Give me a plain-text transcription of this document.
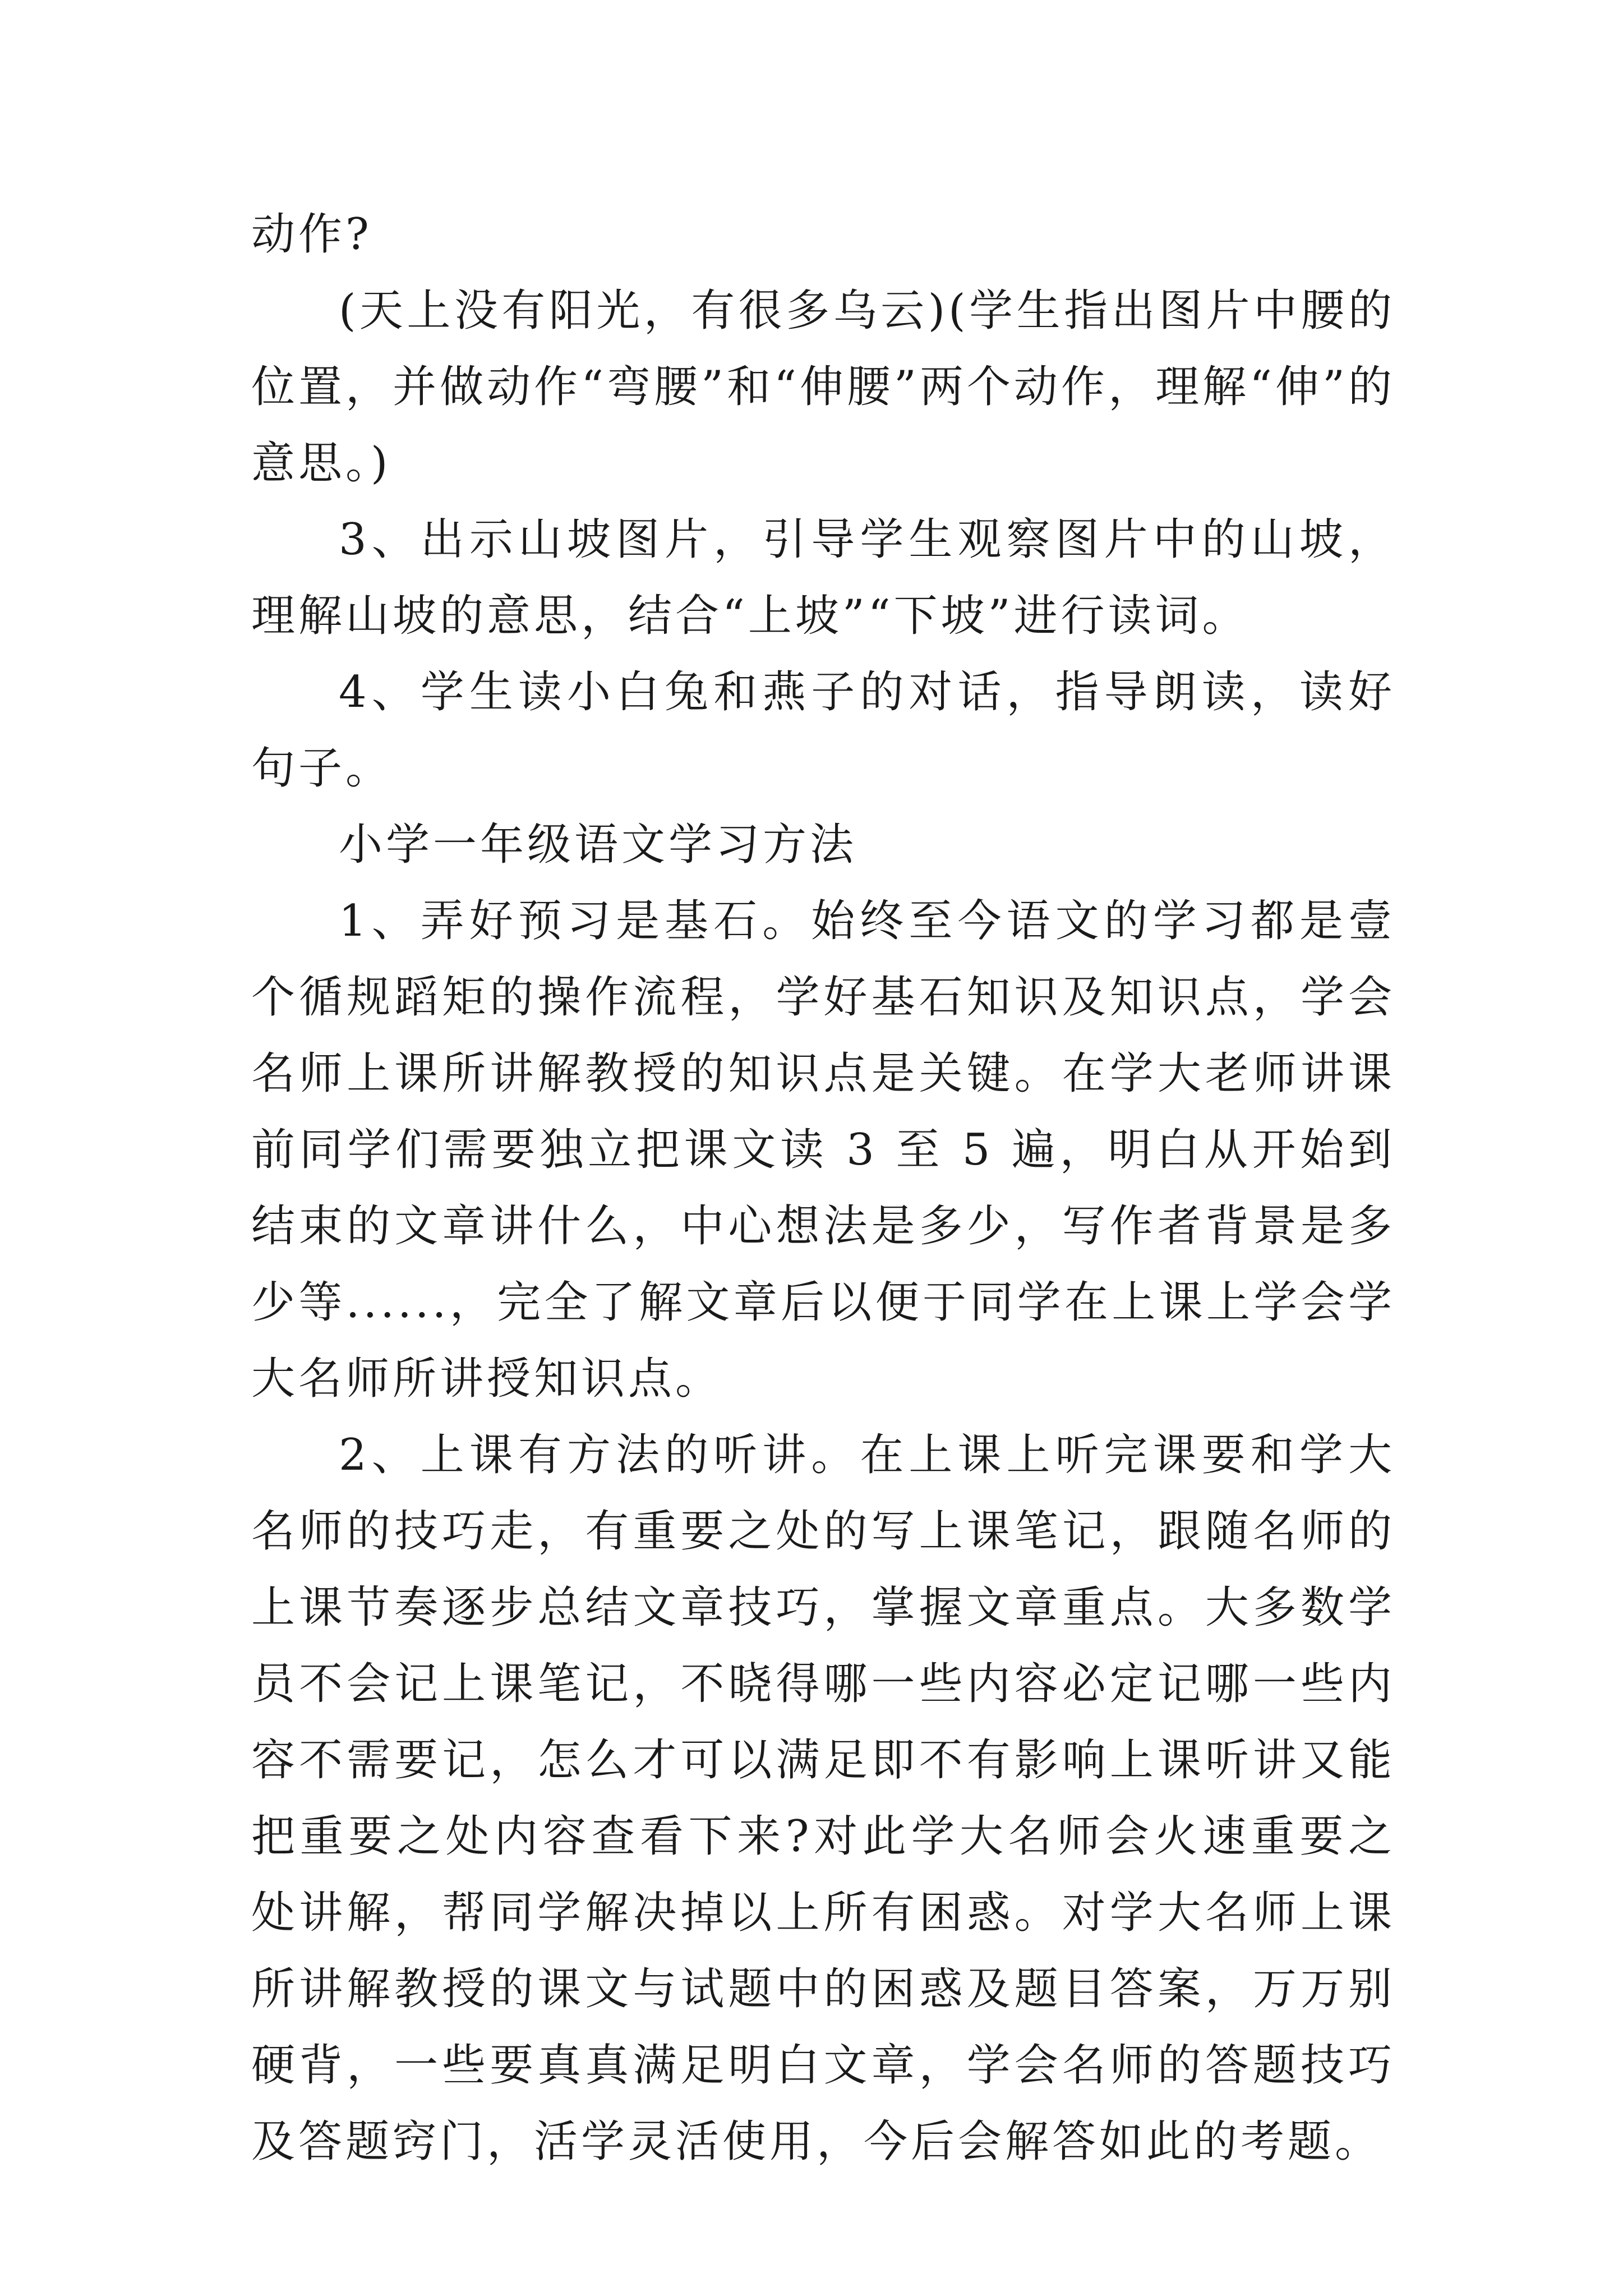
动作?

(天上没有阳光，有很多乌云)(学生指出图片中腰的位置，并做动作“弯腰”和“伸腰”两个动作，理解“伸”的意思。)

3、出示山坡图片，引导学生观察图片中的山坡，理解山坡的意思，结合“上坡”“下坡”进行读词。

4、学生读小白兔和燕子的对话，指导朗读，读好句子。

小学一年级语文学习方法

1、弄好预习是基石。始终至今语文的学习都是壹个循规蹈矩的操作流程，学好基石知识及知识点，学会名师上课所讲解教授的知识点是关键。在学大老师讲课前同学们需要独立把课文读 3 至 5 遍，明白从开始到结束的文章讲什么，中心想法是多少，写作者背景是多少等......，完全了解文章后以便于同学在上课上学会学大名师所讲授知识点。

2、上课有方法的听讲。在上课上听完课要和学大名师的技巧走，有重要之处的写上课笔记，跟随名师的上课节奏逐步总结文章技巧，掌握文章重点。大多数学员不会记上课笔记，不晓得哪一些内容必定记哪一些内容不需要记，怎么才可以满足即不有影响上课听讲又能把重要之处内容查看下来?对此学大名师会火速重要之处讲解，帮同学解决掉以上所有困惑。对学大名师上课所讲解教授的课文与试题中的困惑及题目答案，万万别硬背，一些要真真满足明白文章，学会名师的答题技巧及答题窍门，活学灵活使用，今后会解答如此的考题。
